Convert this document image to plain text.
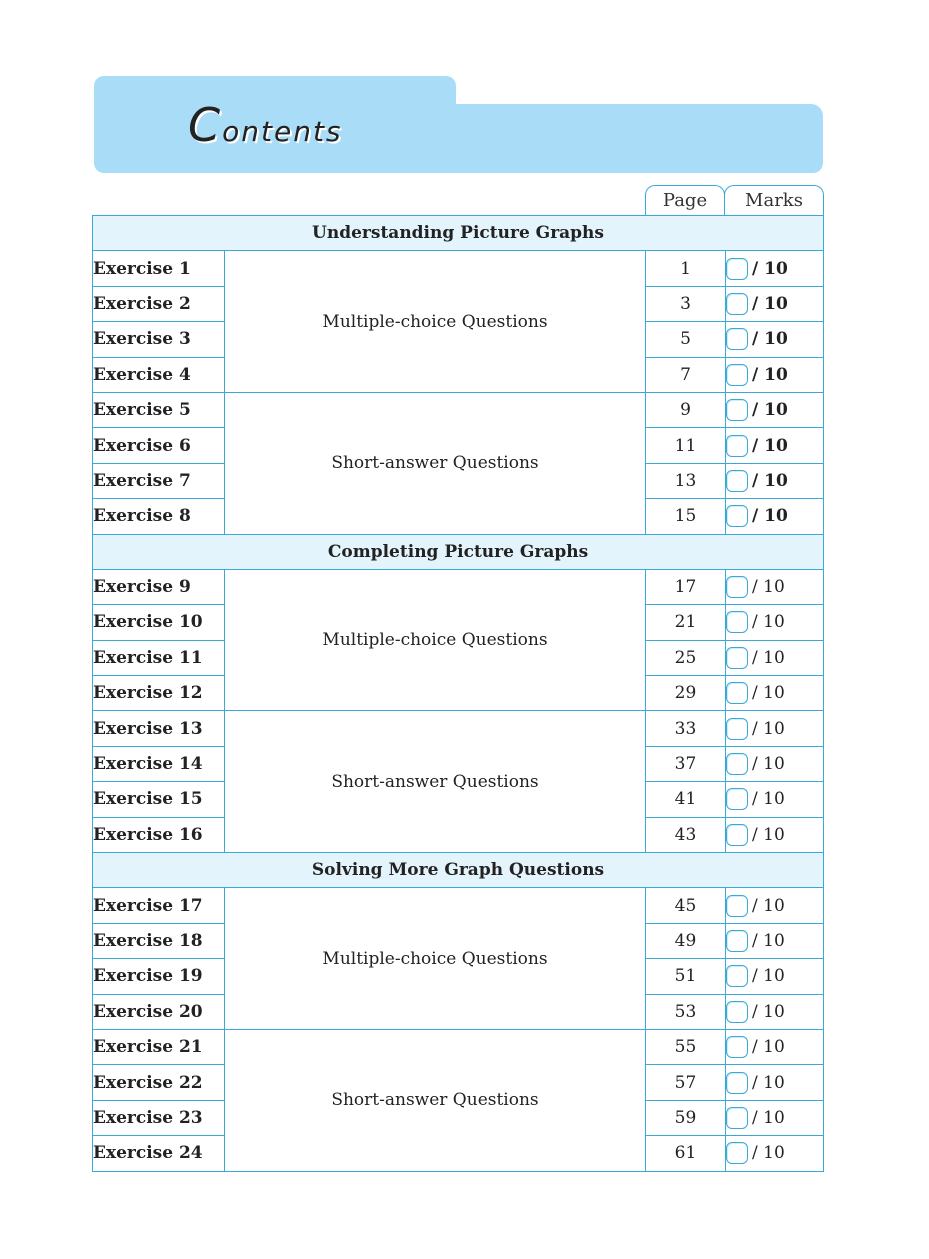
Contents
Page	Marks
Understanding Picture Graphs			
Exercise 1	Multiple-choice Questions	1	/ 10
Exercise 2		3	/ 10
Exercise 3		5	/ 10
Exercise 4		7	/ 10
Exercise 5	Short-answer Questions	9	/ 10
Exercise 6		11	/ 10
Exercise 7		13	/ 10
Exercise 8		15	/ 10
Completing Picture Graphs			
Exercise 9	Multiple-choice Questions	17	/ 10
Exercise 10		21	/ 10
Exercise 11		25	/ 10
Exercise 12		29	/ 10
Exercise 13	Short-answer Questions	33	/ 10
Exercise 14		37	/ 10
Exercise 15		41	/ 10
Exercise 16		43	/ 10
Solving More Graph Questions			
Exercise 17	Multiple-choice Questions	45	/ 10
Exercise 18		49	/ 10
Exercise 19		51	/ 10
Exercise 20		53	/ 10
Exercise 21	Short-answer Questions	55	/ 10
Exercise 22		57	/ 10
Exercise 23		59	/ 10
Exercise 24		61	/ 10
